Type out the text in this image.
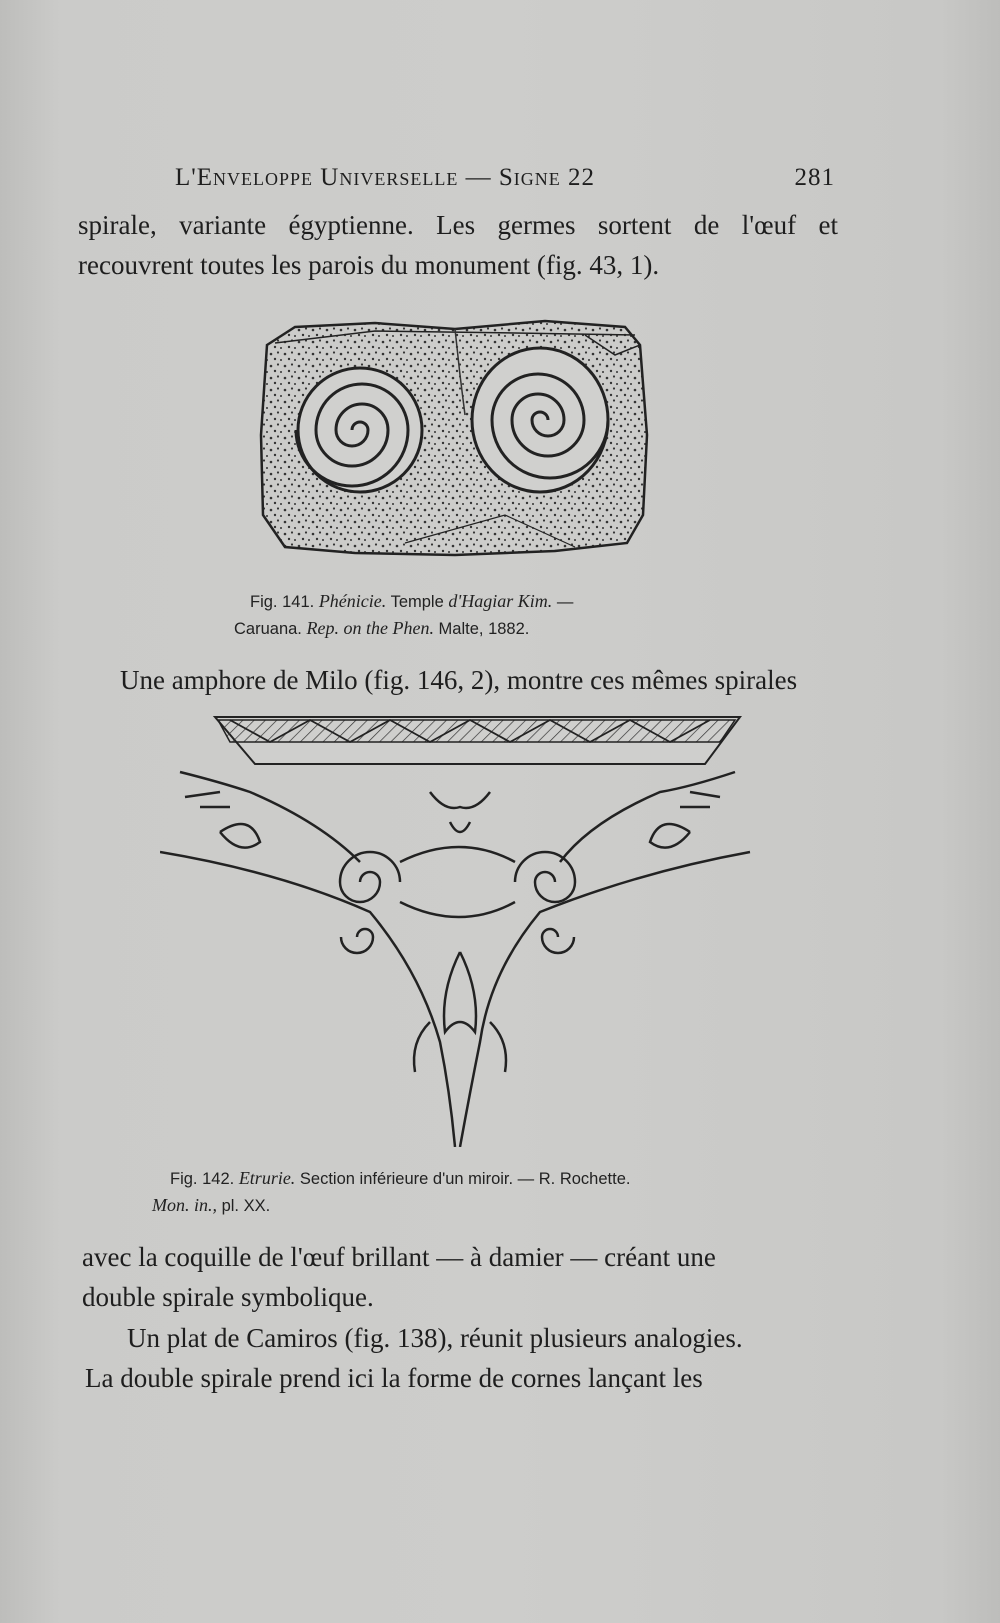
L'Enveloppe Universelle — Signe 22	281
spirale, variante égyptienne. Les germes sortent de l'œuf et
recouvrent toutes les parois du monument (fig. 43, 1).
Fig. 141. Phénicie. Temple d'Hagiar Kim. —
Caruana. Rep. on the Phen. Malte, 1882.
Une amphore de Milo (fig. 146, 2), montre ces mêmes spirales
Fig. 142. Etrurie. Section inférieure d'un miroir. — R. Rochette.
Mon. in., pl. XX.
avec la coquille de l'œuf brillant — à damier — créant une
double spirale symbolique.
Un plat de Camiros (fig. 138), réunit plusieurs analogies.
La double spirale prend ici la forme de cornes lançant les
